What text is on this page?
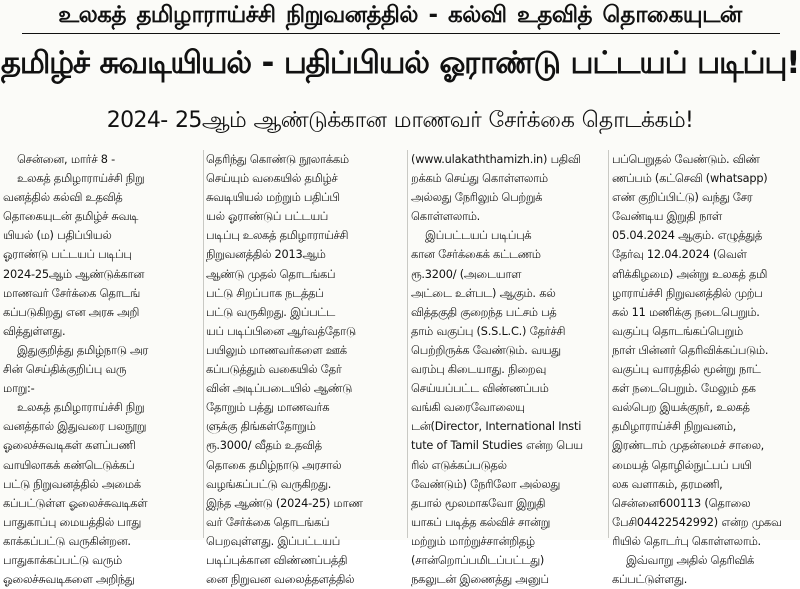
உலகத் தமிழாராய்ச்சி நிறுவனத்தில் - கல்வி உதவித் தொகையுடன்
தமிழ்ச் சுவடியியல் - பதிப்பியல் ஓராண்டு பட்டயப் படிப்பு!
2024- 25ஆம் ஆண்டுக்கான மாணவர் சேர்க்கை தொடக்கம்!

சென்னை, மார்ச் 8 -

உலகத் தமிழாராய்ச்சி நிறு

வனத்தில் கல்வி உதவித்

தொகையுடன் தமிழ்ச் சுவடி

யியல் (ம) பதிப்பியல்

ஓராண்டு பட்டயப் படிப்பு

2024-25ஆம் ஆண்டுக்கான

மாணவர் சேர்க்கை தொடங்

கப்படுகிறது என அரசு அறி

வித்துள்ளது.

இதுகுறித்து தமிழ்நாடு அர

சின் செய்திக்குறிப்பு வரு

மாறு:-

உலகத் தமிழாராய்ச்சி நிறு

வனத்தால் இதுவரை பலநூறு

ஓலைச்சுவடிகள் களப்பணி

வாயிலாகக் கண்டெடுக்கப்

பட்டு நிறுவனத்தில் அமைக்

கப்பட்டுள்ள ஓலைச்சுவடிகள்

பாதுகாப்பு மையத்தில் பாது

காக்கப்பட்டு வருகின்றன.

பாதுகாக்கப்பட்டு வரும்

ஓலைச்சுவடிகளை அறிந்து

தெரிந்து கொண்டு நூலாக்கம்

செய்யும் வகையில் தமிழ்ச்

சுவடியியல் மற்றும் பதிப்பி

யல் ஓராண்டுப் பட்டயப்

படிப்பு உலகத் தமிழாராய்ச்சி

நிறுவனத்தில் 2013ஆம்

ஆண்டு முதல் தொடங்கப்

பட்டு சிறப்பாக நடத்தப்

பட்டு வருகிறது. இப்பட்ட

யப் படிப்பினை ஆர்வத்தோடு

பயிலும் மாணவர்களை ஊக்

கப்படுத்தும் வகையில் தேர்

வின் அடிப்படையில் ஆண்டு

தோறும் பத்து மாணவர்க

ளுக்கு திங்கள்தோறும்

ரூ.3000/ வீதம் உதவித்

தொகை தமிழ்நாடு அரசால்

வழங்கப்பட்டு வருகிறது.

இந்த ஆண்டு (2024-25) மாண

வர் சேர்க்கை தொடங்கப்

பெறவுள்ளது. இப்பட்டயப்

படிப்புக்கான விண்ணப்பத்தி

னை நிறுவன வலைத்தளத்தில்

(www.ulakaththamizh.in) பதிவி

றக்கம் செய்து கொள்ளலாம்

அல்லது நேரிலும் பெற்றுக்

கொள்ளலாம்.

இப்பட்டயப் படிப்புக்

கான சேர்க்கைக் கட்டணம்

ரூ.3200/ (அடையாள

அட்டை உள்பட) ஆகும். கல்

வித்தகுதி குறைந்த பட்சம் பத்

தாம் வகுப்பு (S.S.L.C.) தேர்ச்சி

பெற்றிருக்க வேண்டும். வயது

வரம்பு கிடையாது. நிறைவு

செய்யப்பட்ட விண்ணப்பம்

வங்கி வரைவோலையு

டன்(Director, International Insti

tute of Tamil Studies என்ற பெய

ரில் எடுக்கப்படுதல்

வேண்டும்) நேரிலோ அல்லது

தபால் மூலமாகவோ இறுதி

யாகப் படித்த கல்விச் சான்று

மற்றும் மாற்றுச்சான்றிதழ்

(சான்றொப்பமிடப்பட்டது)

நகலுடன் இணைத்து அனுப்

பப்பெறுதல் வேண்டும். விண்

ணப்பம் (கட்செவி (whatsapp)

எண் குறிப்பிட்டு) வந்து சேர

வேண்டிய இறுதி நாள்

05.04.2024 ஆகும். எழுத்துத்

தேர்வு 12.04.2024 (வெள்

ளிக்கிழமை) அன்று உலகத் தமி

ழாராய்ச்சி நிறுவனத்தில் முற்ப

கல் 11 மணிக்கு நடைபெறும்.

வகுப்பு தொடங்கப்பெறும்

நாள் பின்னர் தெரிவிக்கப்படும்.

வகுப்பு வாரத்தில் மூன்று நாட்

கள் நடைபெறும். மேலும் தக

வல்பெற இயக்குநர், உலகத்

தமிழாராய்ச்சி நிறுவனம்,

இரண்டாம் முதன்மைச் சாலை,

மையத் தொழில்நுட்பப் பயி

லக வளாகம், தரமணி,

சென்னை600113 (தொலை

பேசி04422542992) என்ற முகவ

ரியில் தொடர்பு கொள்ளலாம்.

இவ்வாறு அதில் தெரிவிக்

கப்பட்டுள்ளது.
